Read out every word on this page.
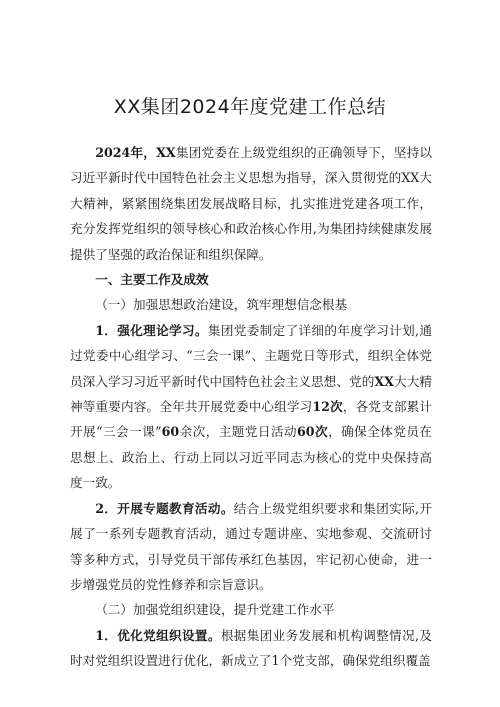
XX集团2024年度党建工作总结

2024年，XX集团党委在上级党组织的正确领导下，坚持以习近平新时代中国特色社会主义思想为指导，深入贯彻党的XX大大精神，紧紧围绕集团发展战略目标，扎实推进党建各项工作，充分发挥党组织的领导核心和政治核心作用,为集团持续健康发展提供了坚强的政治保证和组织保障。

一、主要工作及成效

（一）加强思想政治建设，筑牢理想信念根基

1．强化理论学习。集团党委制定了详细的年度学习计划,通过党委中心组学习、“三会一课”、主题党日等形式，组织全体党员深入学习习近平新时代中国特色社会主义思想、党的XX大大精神等重要内容。全年共开展党委中心组学习12次，各党支部累计开展“三会一课”60余次，主题党日活动60次，确保全体党员在思想上、政治上、行动上同以习近平同志为核心的党中央保持高度一致。

2．开展专题教育活动。结合上级党组织要求和集团实际,开展了一系列专题教育活动，通过专题讲座、实地参观、交流研讨等多种方式，引导党员干部传承红色基因，牢记初心使命，进一步增强党员的党性修养和宗旨意识。

（二）加强党组织建设，提升党建工作水平

1．优化党组织设置。根据集团业务发展和机构调整情况,及时对党组织设置进行优化，新成立了1个党支部，确保党组织覆盖
